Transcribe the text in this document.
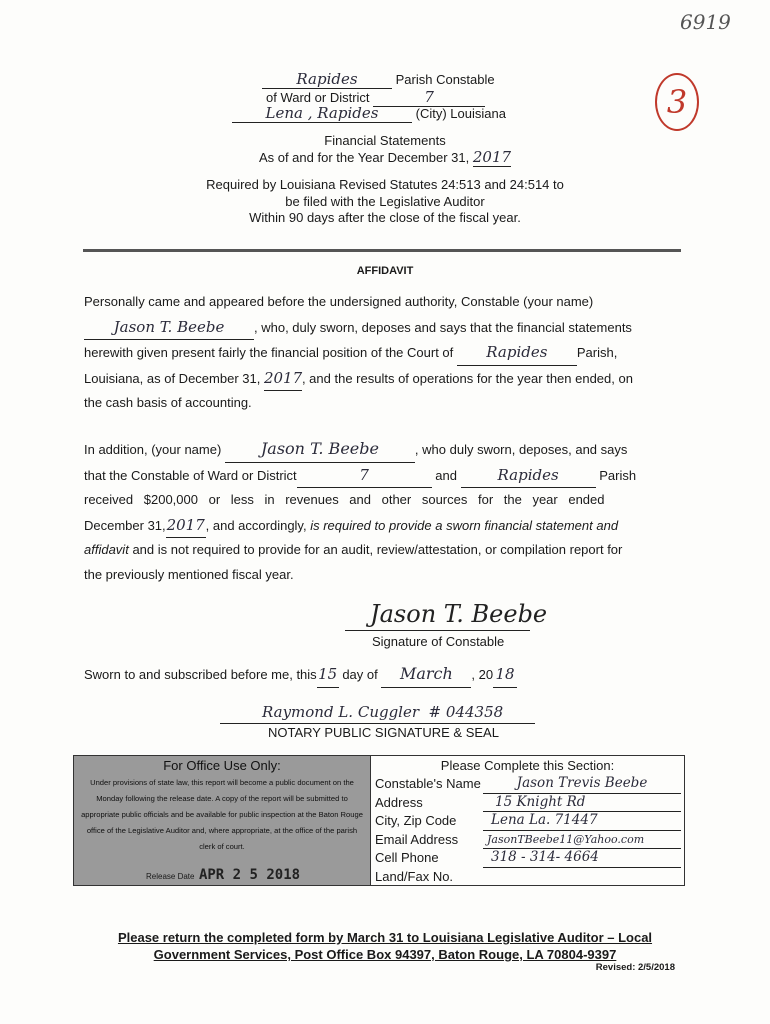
6919
3
Rapides	Parish Constable
of Ward or District	7
Lena , Rapides	(City) Louisiana
Financial Statements
As of and for the Year December 31, 2017
Required by Louisiana Revised Statutes 24:513 and 24:514 to
be filed with the Legislative Auditor
Within 90 days after the close of the fiscal year.
AFFIDAVIT
Personally came and appeared before the undersigned authority, Constable (your name)
Jason T. Beebe , who, duly sworn, deposes and says that the financial statements
herewith given present fairly the financial position of the Court of Rapides Parish,
Louisiana, as of December 31, 2017, and the results of operations for the year then ended, on
the cash basis of accounting.
In addition, (your name) Jason T. Beebe	, who duly sworn, deposes, and says
that the Constable of Ward or District	7	and	Rapides	Parish
received $200,000 or less in revenues and other sources for the year ended
December 31,2017, and accordingly, is required to provide a sworn financial statement and
affidavit and is not required to provide for an audit, review/attestation, or compilation report for
the previously mentioned fiscal year.
Jason T. Beebe
Signature of Constable
Sworn to and subscribed before me, this15 day of March , 20 18
Raymond L. Cuggler  # 044358
NOTARY PUBLIC SIGNATURE & SEAL
For Office Use Only:
Under provisions of state law, this report will become a public document on the Monday following the release date. A copy of the report will be submitted to appropriate public officials and be available for public inspection at the Baton Rouge office of the Legislative Auditor and, where appropriate, at the office of the parish clerk of court.
Release Date APR 2 5 2018
Please Complete this Section:
Constable's Name	Jason Trevis Beebe
Address	15 Knight Rd
City, Zip Code	Lena La. 71447
Email Address	JasonTBeebe11@Yahoo.com
Cell Phone	318 - 314- 4664
Land/Fax No.
Please return the completed form by March 31 to Louisiana Legislative Auditor – Local
Government Services, Post Office Box 94397, Baton Rouge, LA 70804-9397
Revised: 2/5/2018
